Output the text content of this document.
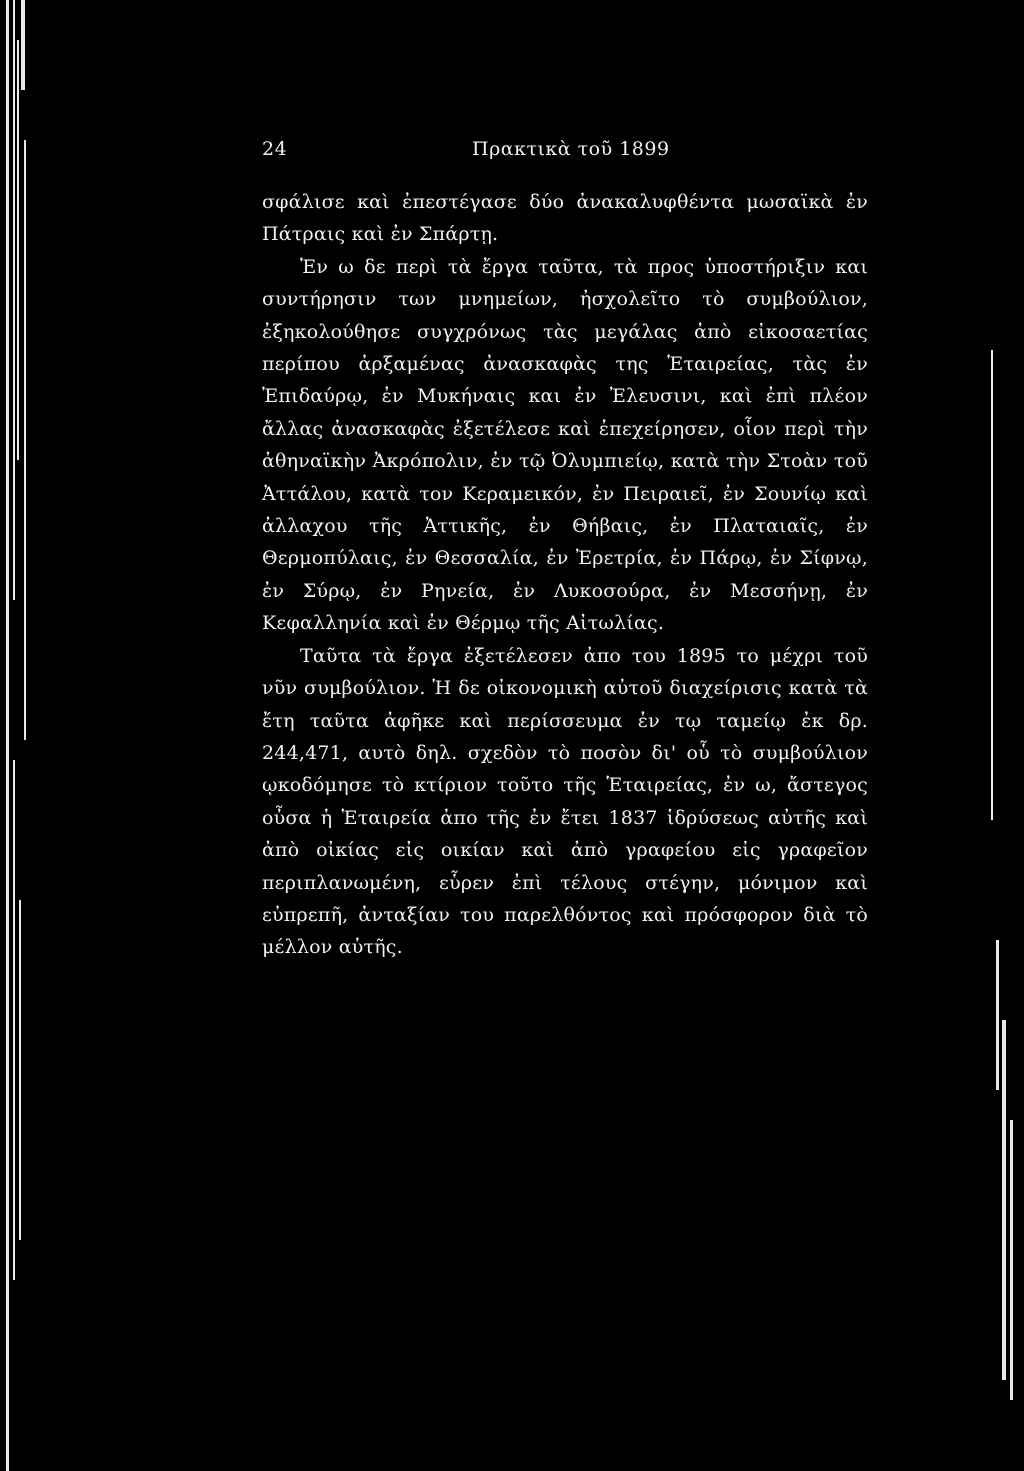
24	Πρακτικὰ τοῦ 1899

σφάλισε καὶ ἐπεστέγασε δύο ἀνακαλυφθέντα μωσαϊκὰ ἐν Πάτραις καὶ ἐν Σπάρτῃ.

Ἐν ω δε περὶ τὰ ἔργα ταῦτα, τὰ προς ὑποστήριξιν και συντήρησιν των μνημείων, ἠσχολεῖτο τὸ συμβούλιον, ἐξηκολούθησε συγχρόνως τὰς μεγάλας ἀπὸ εἰκοσαετίας περίπου ἀρξαμένας ἀνασκαφὰς της Ἑταιρείας, τὰς ἐν Ἐπιδαύρῳ, ἐν Μυκήναις και ἐν Ἐλευσινι, καὶ ἐπὶ πλέον ἄλλας ἀνασκαφὰς ἐξετέλεσε καὶ ἐπεχείρησεν, οἷον περὶ τὴν ἀθηναϊκὴν Ἀκρόπολιν, ἐν τῷ Ὀλυμπιείῳ, κατὰ τὴν Στοὰν τοῦ Ἀττάλου, κατὰ τον Κεραμεικόν, ἐν Πειραιεῖ, ἐν Σουνίῳ καὶ ἀλλαχου τῆς Ἀττικῆς, ἐν Θήβαις, ἐν Πλαταιαῖς, ἐν Θερμοπύλαις, ἐν Θεσσαλία, ἐν Ἐρετρία, ἐν Πάρῳ, ἐν Σίφνῳ, ἐν Σύρῳ, ἐν Ρηνεία, ἐν Λυκοσούρα, ἐν Μεσσήνῃ, ἐν Κεφαλληνία καὶ ἐν Θέρμῳ τῆς Αἰτωλίας.

Ταῦτα τὰ ἔργα ἐξετέλεσεν ἀπο του 1895 το μέχρι τοῦ νῦν συμβούλιον. Ἡ δε οἰκονομικὴ αὐτοῦ διαχείρισις κατὰ τὰ ἔτη ταῦτα ἀφῆκε καὶ περίσσευμα ἐν τῳ ταμείῳ ἐκ δρ. 244,471, αυτὸ δηλ. σχεδὸν τὸ ποσὸν δι' οὗ τὸ συμβούλιον ῳκοδόμησε τὸ κτίριον τοῦτο τῆς Ἑταιρείας, ἐν ω, ἄστεγος οὖσα ἡ Ἑταιρεία ἀπο τῆς ἐν ἔτει 1837 ἱδρύσεως αὐτῆς καὶ ἀπὸ οἰκίας εἰς οικίαν καὶ ἀπὸ γραφείου εἰς γραφεῖον περιπλανωμένη, εὗρεν ἐπὶ τέλους στέγην, μόνιμον καὶ εὐπρεπῆ, ἀνταξίαν του παρελθόντος καὶ πρόσφορον διὰ τὸ μέλλον αὐτῆς.
